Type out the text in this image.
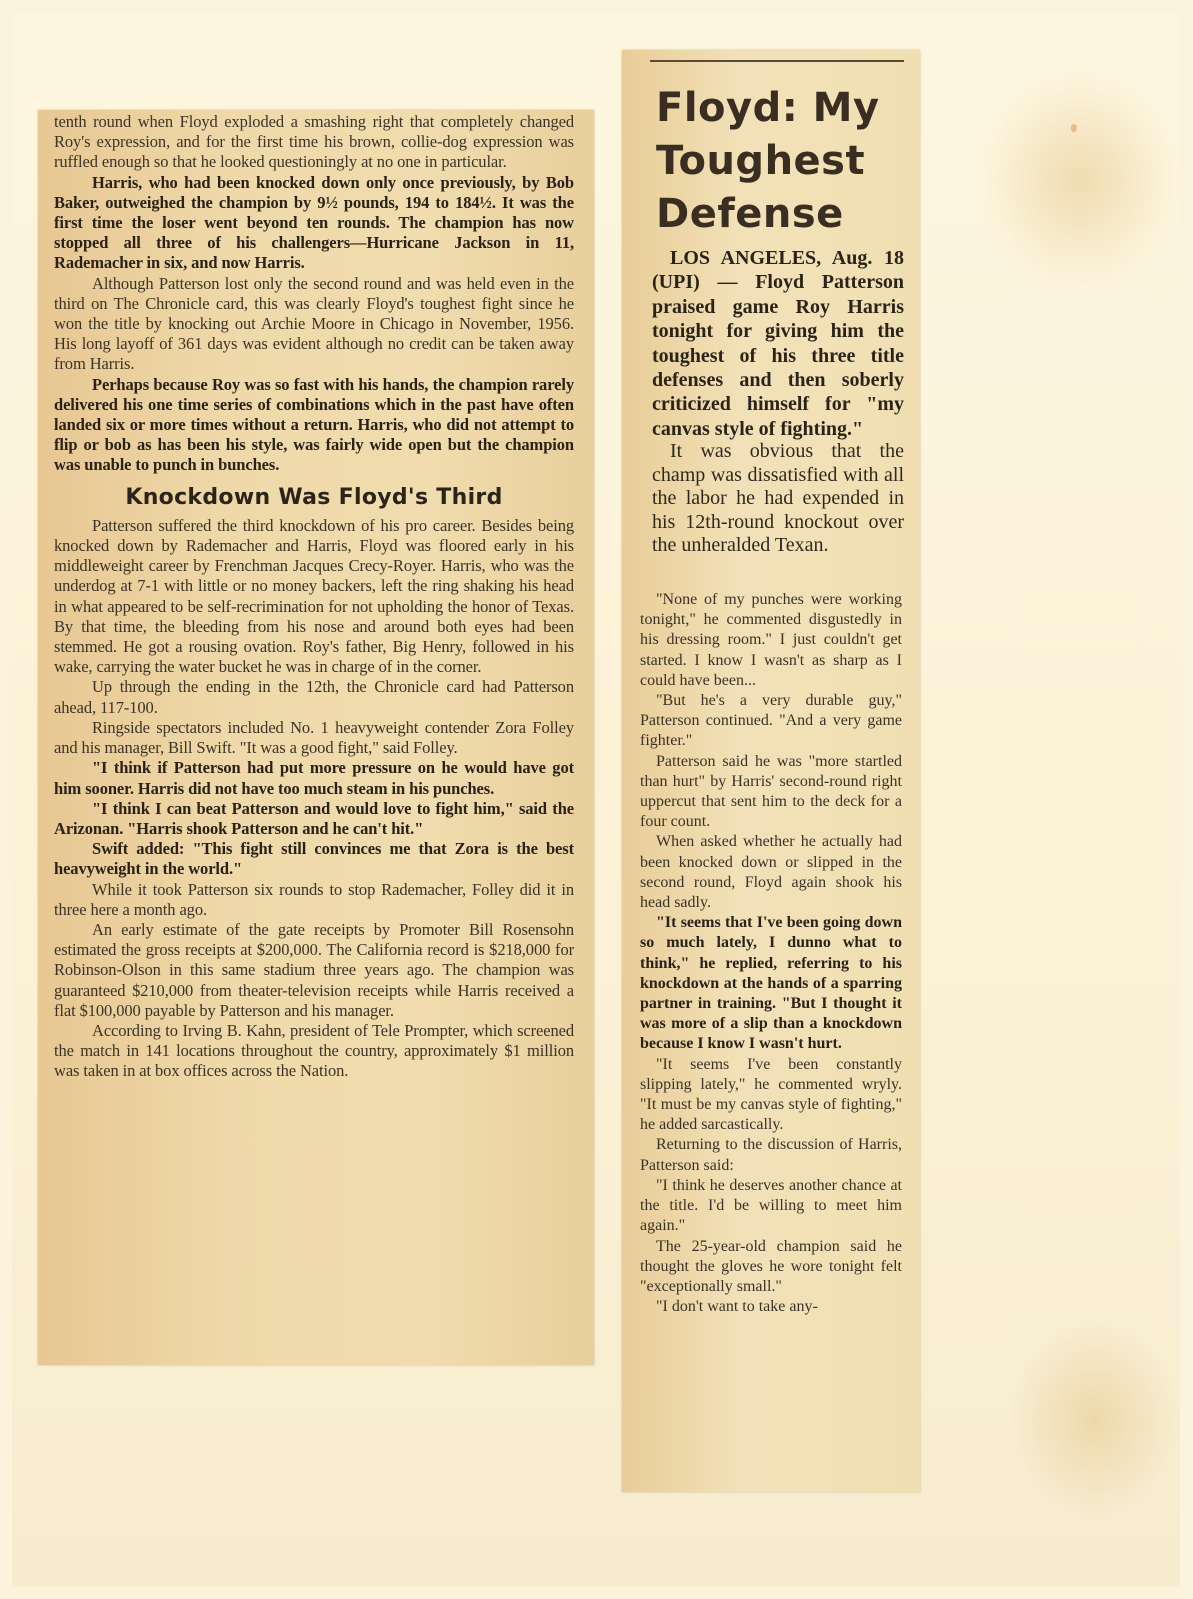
tenth round when Floyd exploded a smashing right that completely changed Roy's expression, and for the first time his brown, collie-dog expression was ruffled enough so that he looked questioningly at no one in particular.

Harris, who had been knocked down only once previously, by Bob Baker, outweighed the champion by 9½ pounds, 194 to 184½. It was the first time the loser went beyond ten rounds. The champion has now stopped all three of his challengers—Hurricane Jackson in 11, Rademacher in six, and now Harris.

Although Patterson lost only the second round and was held even in the third on The Chronicle card, this was clearly Floyd's toughest fight since he won the title by knocking out Archie Moore in Chicago in November, 1956. His long layoff of 361 days was evident although no credit can be taken away from Harris.

Perhaps because Roy was so fast with his hands, the champion rarely delivered his one time series of combinations which in the past have often landed six or more times without a return. Harris, who did not attempt to flip or bob as has been his style, was fairly wide open but the champion was unable to punch in bunches.

Knockdown Was Floyd's Third

Patterson suffered the third knockdown of his pro career. Besides being knocked down by Rademacher and Harris, Floyd was floored early in his middleweight career by Frenchman Jacques Crecy-Royer. Harris, who was the underdog at 7-1 with little or no money backers, left the ring shaking his head in what appeared to be self-recrimination for not upholding the honor of Texas. By that time, the bleeding from his nose and around both eyes had been stemmed. He got a rousing ovation. Roy's father, Big Henry, followed in his wake, carrying the water bucket he was in charge of in the corner.

Up through the ending in the 12th, the Chronicle card had Patterson ahead, 117-100.

Ringside spectators included No. 1 heavyweight contender Zora Folley and his manager, Bill Swift. "It was a good fight," said Folley.

"I think if Patterson had put more pressure on he would have got him sooner. Harris did not have too much steam in his punches.

"I think I can beat Patterson and would love to fight him," said the Arizonan. "Harris shook Patterson and he can't hit."

Swift added: "This fight still convinces me that Zora is the best heavyweight in the world."

While it took Patterson six rounds to stop Rademacher, Folley did it in three here a month ago.

An early estimate of the gate receipts by Promoter Bill Rosensohn estimated the gross receipts at $200,000. The California record is $218,000 for Robinson-Olson in this same stadium three years ago. The champion was guaranteed $210,000 from theater-television receipts while Harris received a flat $100,000 payable by Patterson and his manager.

According to Irving B. Kahn, president of Tele Prompter, which screened the match in 141 locations throughout the country, approximately $1 million was taken in at box offices across the Nation.

Floyd: My
Toughest
Defense
LOS ANGELES, Aug. 18 (UPI) — Floyd Patterson praised game Roy Harris tonight for giving him the toughest of his three title defenses and then soberly criticized himself for "my canvas style of fighting."

It was obvious that the champ was dissatisfied with all the labor he had expended in his 12th-round knockout over the unheralded Texan.

"None of my punches were working tonight," he commented disgustedly in his dressing room." I just couldn't get started. I know I wasn't as sharp as I could have been...

"But he's a very durable guy," Patterson continued. "And a very game fighter."

Patterson said he was "more startled than hurt" by Harris' second-round right uppercut that sent him to the deck for a four count.

When asked whether he actually had been knocked down or slipped in the second round, Floyd again shook his head sadly.

"It seems that I've been going down so much lately, I dunno what to think," he replied, referring to his knockdown at the hands of a sparring partner in training. "But I thought it was more of a slip than a knockdown because I know I wasn't hurt.

"It seems I've been constantly slipping lately," he commented wryly. "It must be my canvas style of fighting," he added sarcastically.

Returning to the discussion of Harris, Patterson said:

"I think he deserves another chance at the title. I'd be willing to meet him again."

The 25-year-old champion said he thought the gloves he wore tonight felt "exceptionally small."

"I don't want to take any-
